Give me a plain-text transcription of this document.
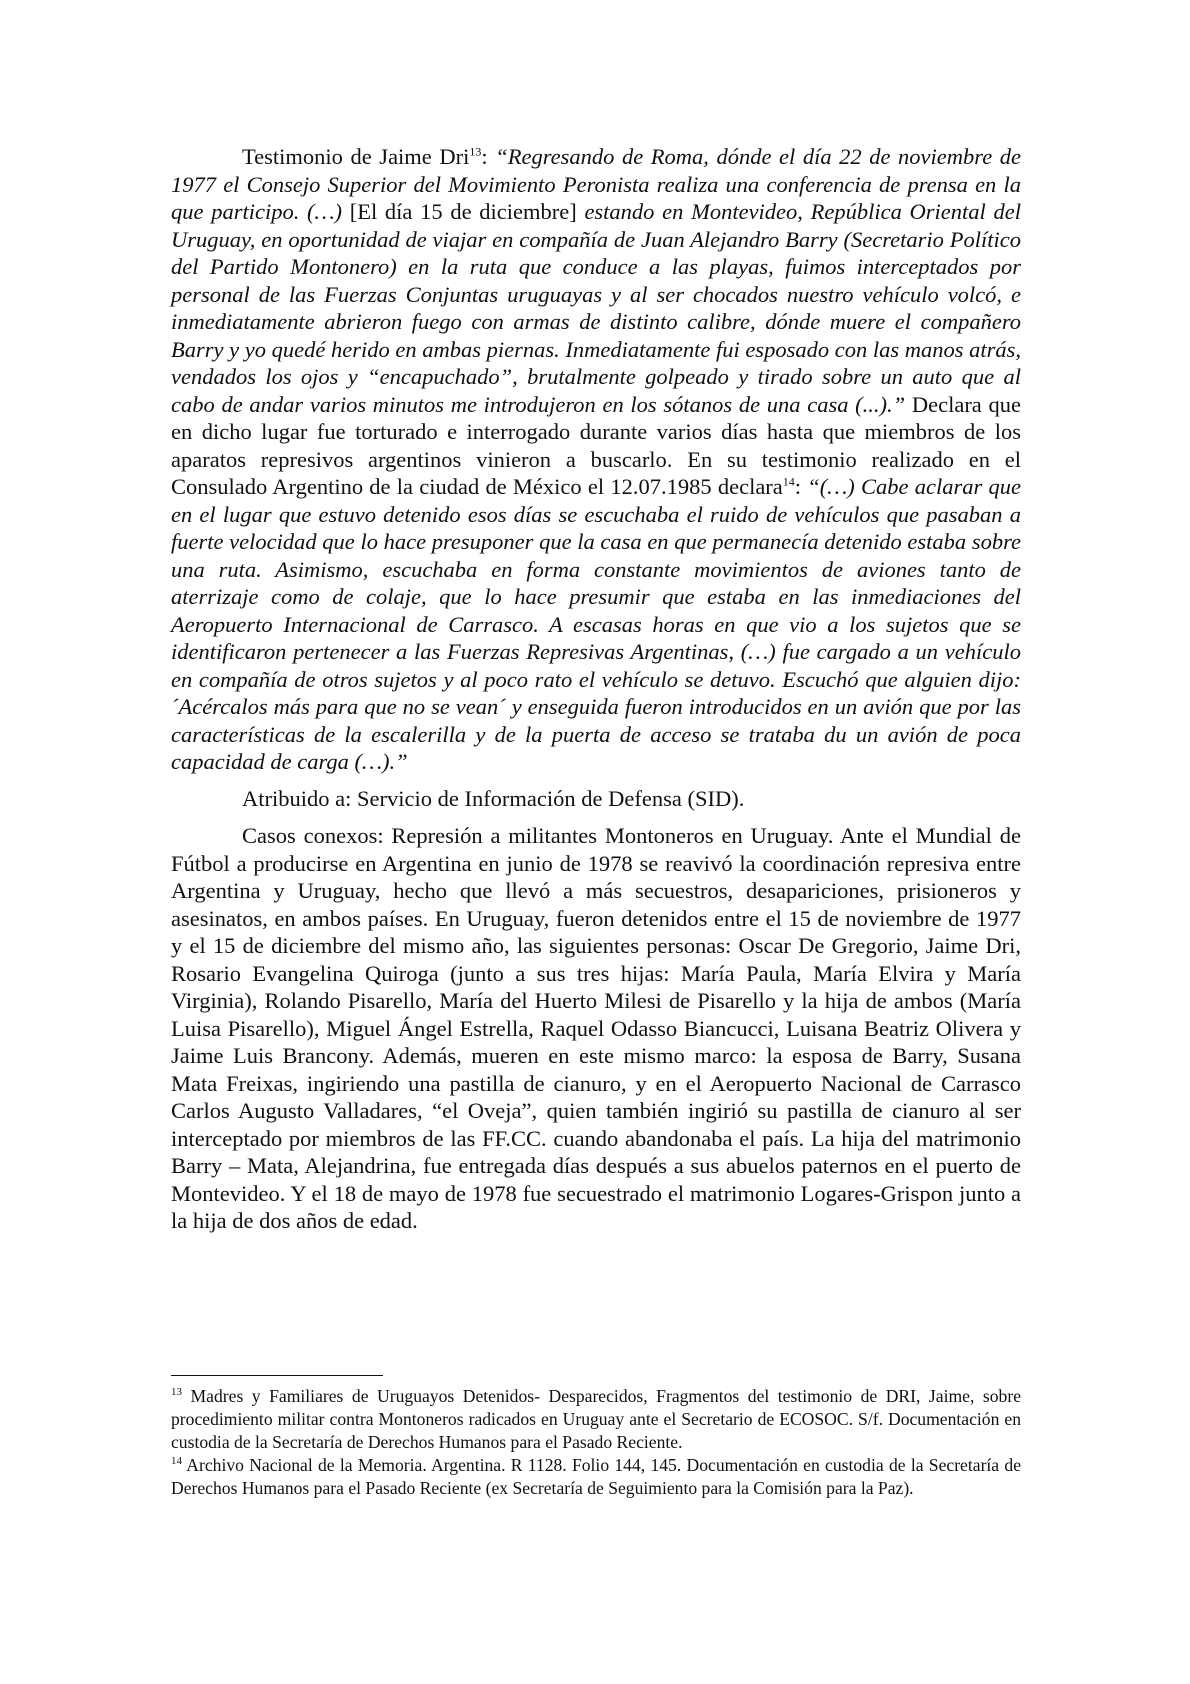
Testimonio de Jaime Dri$^{13}$: “Regresando de Roma, dónde el día 22 de noviembre de 1977 el Consejo Superior del Movimiento Peronista realiza una conferencia de prensa en la que participo. (…) [El día 15 de diciembre] estando en Montevideo, República Oriental del Uruguay, en oportunidad de viajar en compañía de Juan Alejandro Barry (Secretario Político del Partido Montonero) en la ruta que conduce a las playas, fuimos interceptados por personal de las Fuerzas Conjuntas uruguayas y al ser chocados nuestro vehículo volcó, e inmediatamente abrieron fuego con armas de distinto calibre, dónde muere el compañero Barry y yo quedé herido en ambas piernas. Inmediatamente fui esposado con las manos atrás, vendados los ojos y “encapuchado”, brutalmente golpeado y tirado sobre un auto que al cabo de andar varios minutos me introdujeron en los sótanos de una casa (...).” Declara que en dicho lugar fue torturado e interrogado durante varios días hasta que miembros de los aparatos represivos argentinos vinieron a buscarlo. En su testimonio realizado en el Consulado Argentino de la ciudad de México el 12.07.1985 declara$^{14}$: “(…) Cabe aclarar que en el lugar que estuvo detenido esos días se escuchaba el ruido de vehículos que pasaban a fuerte velocidad que lo hace presuponer que la casa en que permanecía detenido estaba sobre una ruta. Asimismo, escuchaba en forma constante movimientos de aviones tanto de aterrizaje como de colaje, que lo hace presumir que estaba en las inmediaciones del Aeropuerto Internacional de Carrasco. A escasas horas en que vio a los sujetos que se identificaron pertenecer a las Fuerzas Represivas Argentinas, (…) fue cargado a un vehículo en compañía de otros sujetos y al poco rato el vehículo se detuvo. Escuchó que alguien dijo: ´Acércalos más para que no se vean´ y enseguida fueron introducidos en un avión que por las características de la escalerilla y de la puerta de acceso se trataba du un avión de poca capacidad de carga (…).”

Atribuido a: Servicio de Información de Defensa (SID).

Casos conexos: Represión a militantes Montoneros en Uruguay. Ante el Mundial de Fútbol a producirse en Argentina en junio de 1978 se reavivó la coordinación represiva entre Argentina y Uruguay, hecho que llevó a más secuestros, desapariciones, prisioneros y asesinatos, en ambos países. En Uruguay, fueron detenidos entre el 15 de noviembre de 1977 y el 15 de diciembre del mismo año, las siguientes personas: Oscar De Gregorio, Jaime Dri, Rosario Evangelina Quiroga (junto a sus tres hijas: María Paula, María Elvira y María Virginia), Rolando Pisarello, María del Huerto Milesi de Pisarello y la hija de ambos (María Luisa Pisarello), Miguel Ángel Estrella, Raquel Odasso Biancucci, Luisana Beatriz Olivera y Jaime Luis Brancony. Además, mueren en este mismo marco: la esposa de Barry, Susana Mata Freixas, ingiriendo una pastilla de cianuro, y en el Aeropuerto Nacional de Carrasco Carlos Augusto Valladares, “el Oveja”, quien también ingirió su pastilla de cianuro al ser interceptado por miembros de las FF.CC. cuando abandonaba el país. La hija del matrimonio Barry – Mata, Alejandrina, fue entregada días después a sus abuelos paternos en el puerto de Montevideo. Y el 18 de mayo de 1978 fue secuestrado el matrimonio Logares-Grispon junto a la hija de dos años de edad.

$^{13}$ Madres y Familiares de Uruguayos Detenidos- Desparecidos, Fragmentos del testimonio de DRI, Jaime, sobre procedimiento militar contra Montoneros radicados en Uruguay ante el Secretario de ECOSOC. S/f. Documentación en custodia de la Secretaría de Derechos Humanos para el Pasado Reciente.

$^{14}$ Archivo Nacional de la Memoria. Argentina. R 1128. Folio 144, 145. Documentación en custodia de la Secretaría de Derechos Humanos para el Pasado Reciente (ex Secretaría de Seguimiento para la Comisión para la Paz).
